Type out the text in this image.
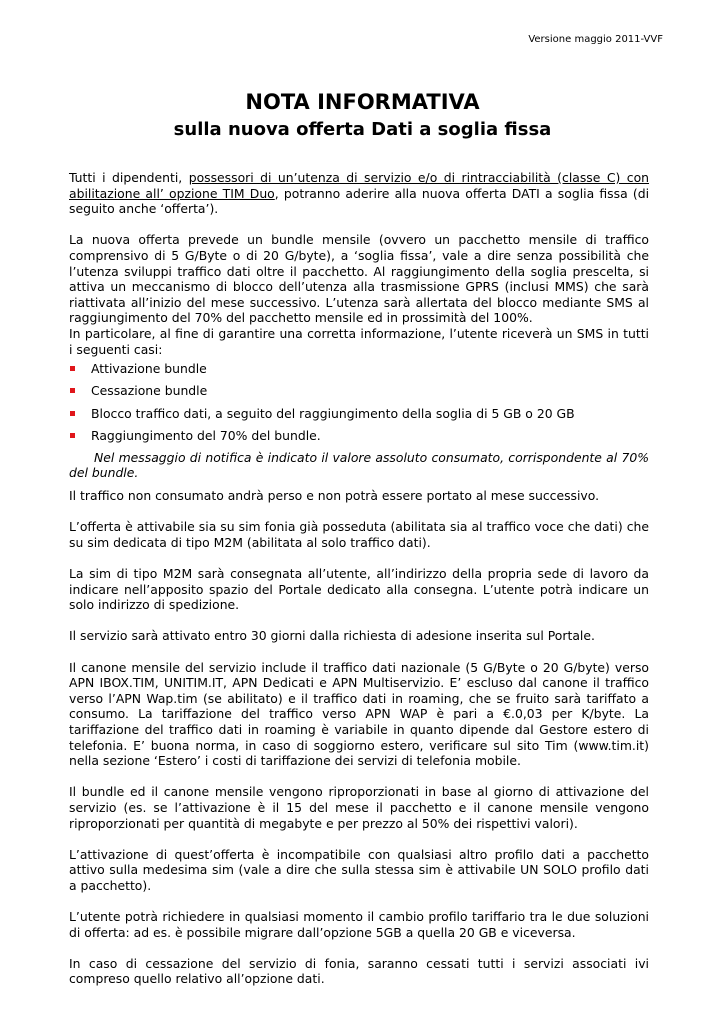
Versione maggio 2011-VVF
NOTA INFORMATIVA
sulla nuova offerta Dati a soglia fissa

Tutti i dipendenti, possessori di un’utenza di servizio e/o di rintracciabilità (classe C) con abilitazione all’ opzione TIM Duo, potranno aderire alla nuova offerta DATI a soglia fissa (di seguito anche ‘offerta’).

La nuova offerta prevede un bundle mensile (ovvero un pacchetto mensile di traffico comprensivo di 5 G/Byte o di 20 G/byte), a ‘soglia fissa’, vale a dire senza possibilità che l’utenza sviluppi traffico dati oltre il pacchetto. Al raggiungimento della soglia prescelta, si attiva un meccanismo di blocco dell’utenza alla trasmissione GPRS (inclusi MMS) che sarà riattivata all’inizio del mese successivo. L’utenza sarà allertata del blocco mediante SMS al raggiungimento del 70% del pacchetto mensile ed in prossimità del 100%.

In particolare, al fine di garantire una corretta informazione, l’utente riceverà un SMS in tutti i seguenti casi:

Attivazione bundle
Cessazione bundle
Blocco traffico dati, a seguito del raggiungimento della soglia di 5 GB o 20 GB
Raggiungimento del 70% del bundle.

Nel messaggio di notifica è indicato il valore assoluto consumato, corrispondente al 70% del bundle.

Il traffico non consumato andrà perso e non potrà essere portato al mese successivo.

L’offerta è attivabile sia su sim fonia già posseduta (abilitata sia al traffico voce che dati) che su sim dedicata di tipo M2M (abilitata al solo traffico dati).

La sim di tipo M2M sarà consegnata all’utente, all’indirizzo della propria sede di lavoro da indicare nell’apposito spazio del Portale dedicato alla consegna. L’utente potrà indicare un solo indirizzo di spedizione.

Il servizio sarà attivato entro 30 giorni dalla richiesta di adesione inserita sul Portale.

Il canone mensile del servizio include il traffico dati nazionale (5 G/Byte o 20 G/byte) verso APN IBOX.TIM, UNITIM.IT, APN Dedicati e APN Multiservizio. E’ escluso dal canone il traffico verso l’APN Wap.tim (se abilitato) e il traffico dati in roaming, che se fruito sarà tariffato a consumo. La tariffazione del traffico verso APN WAP è pari a €.0,03 per K/byte. La tariffazione del traffico dati in roaming è variabile in quanto dipende dal Gestore estero di telefonia. E’ buona norma, in caso di soggiorno estero, verificare sul sito Tim (www.tim.it) nella sezione ‘Estero’ i costi di tariffazione dei servizi di telefonia mobile.

Il bundle ed il canone mensile vengono riproporzionati in base al giorno di attivazione del servizio (es. se l’attivazione è il 15 del mese il pacchetto e il canone mensile vengono riproporzionati per quantità di megabyte e per prezzo al 50% dei rispettivi valori).

L’attivazione di quest’offerta è incompatibile con qualsiasi altro profilo dati a pacchetto attivo sulla medesima sim (vale a dire che sulla stessa sim è attivabile UN SOLO profilo dati a pacchetto).

L’utente potrà richiedere in qualsiasi momento il cambio profilo tariffario tra le due soluzioni di offerta: ad es. è possibile migrare dall’opzione 5GB a quella 20 GB e viceversa.

In caso di cessazione del servizio di fonia, saranno cessati tutti i servizi associati ivi compreso quello relativo all’opzione dati.
